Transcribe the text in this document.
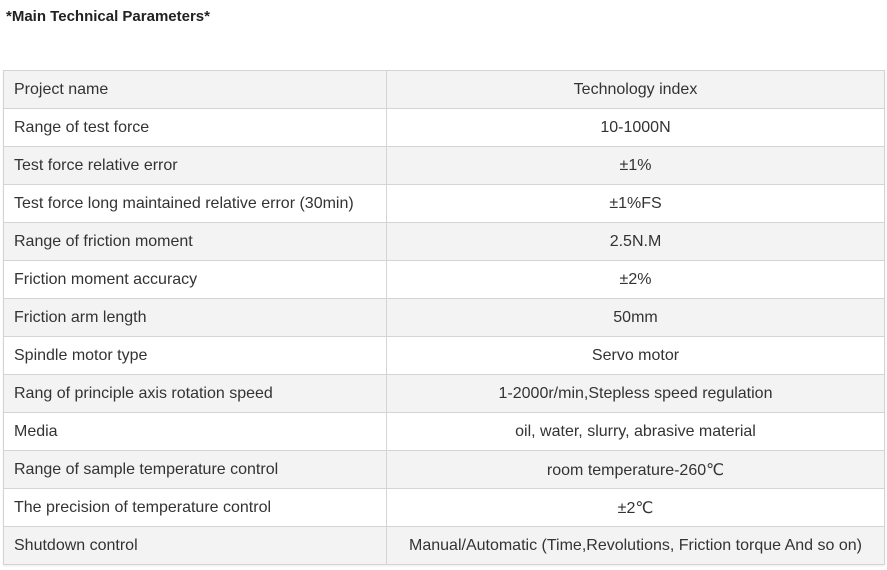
*Main Technical Parameters*
Project name	Technology index
Range of test force	10-1000N
Test force relative error	±1%
Test force long maintained relative error (30min)	±1%FS
Range of friction moment	2.5N.M
Friction moment accuracy	±2%
Friction arm length	50mm
Spindle motor type	Servo motor
Rang of principle axis rotation speed	1-2000r/min,Stepless speed regulation
Media	oil, water, slurry, abrasive material
Range of sample temperature control	room temperature-260℃
The precision of temperature control	±2℃
Shutdown control	Manual/Automatic (Time,Revolutions, Friction torque And so on)
